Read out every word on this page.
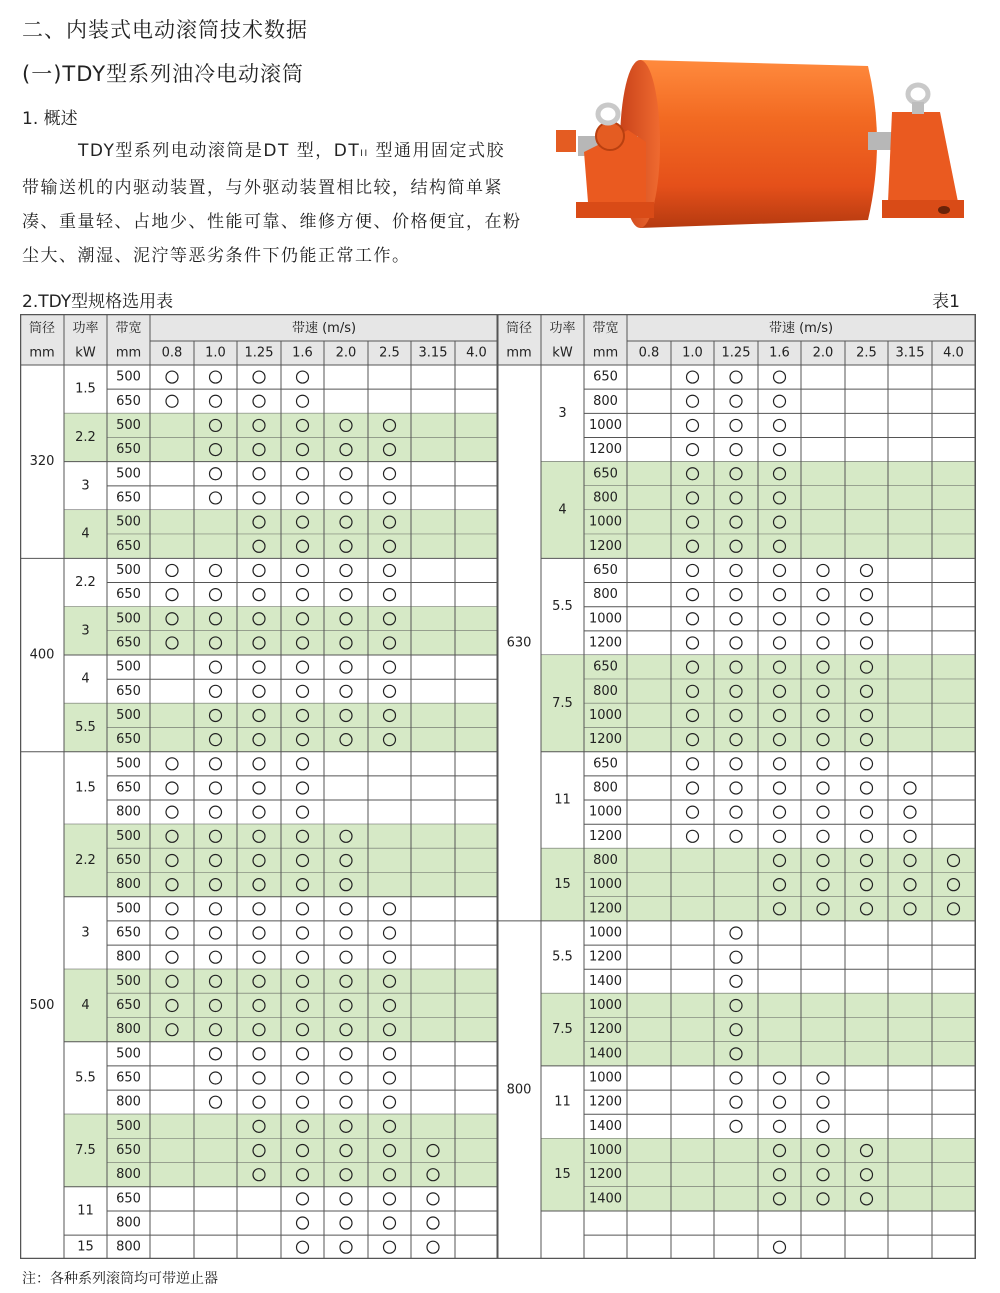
二、内装式电动滚筒技术数据
(一)TDY型系列油冷电动滚筒
1. 概述

TDY型系列电动滚筒是DT 型，DTII 型通用固定式胶带输送机的内驱动装置，与外驱动装置相比较，结构简单紧凑、重量轻、占地少、性能可靠、维修方便、价格便宜，在粉尘大、潮湿、泥泞等恶劣条件下仍能正常工作。

2.TDY型规格选用表	表1
筒径
mm
功率
kW
带宽
mm
带速 (m/s)
0.8 1.0 1.25 1.6 2.0 2.5 3.15 4.0
500
650
1.5
500
650
2.2
500
650
3
500
650
4
320
500
650
2.2
500
650
3
500
650
4
500
650
5.5
400
500
650
800
1.5
500
650
800
2.2
500
650
800
3
500
650
800
4
500
650
800
5.5
500
650
800
7.5
650
800
11
800
15
500
筒径
mm
功率
kW
带宽
mm
带速 (m/s)
0.8 1.0 1.25 1.6 2.0 2.5 3.15 4.0
650
800
1000
1200
3
650
800
1000
1200
4
650
800
1000
1200
5.5
650
800
1000
1200
7.5
650
800
1000
1200
11
800
1000
1200
15
630
1000
1200
1400
5.5
1000
1200
1400
7.5
1000
1200
1400
11
1000
1200
1400
15
800
注：各种系列滚筒均可带逆止器
